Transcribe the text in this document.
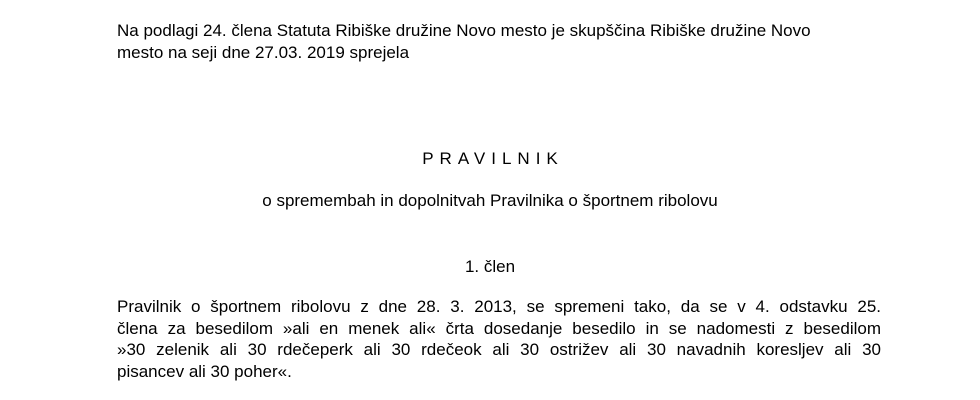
Na podlagi 24. člena Statuta Ribiške družine Novo mesto je skupščina Ribiške družine Novo
mesto na seji dne 27.03. 2019 sprejela
PRAVILNIK
o spremembah in dopolnitvah Pravilnika o športnem ribolovu
1. člen
Pravilnik o športnem ribolovu z dne 28. 3. 2013, se spremeni tako, da se v 4. odstavku 25.
člena za besedilom »ali en menek ali« črta dosedanje besedilo in se nadomesti z besedilom
»30 zelenik ali 30 rdečeperk ali 30 rdečeok ali 30 ostrižev ali 30 navadnih koresljev ali 30
pisancev ali 30 poher«.
